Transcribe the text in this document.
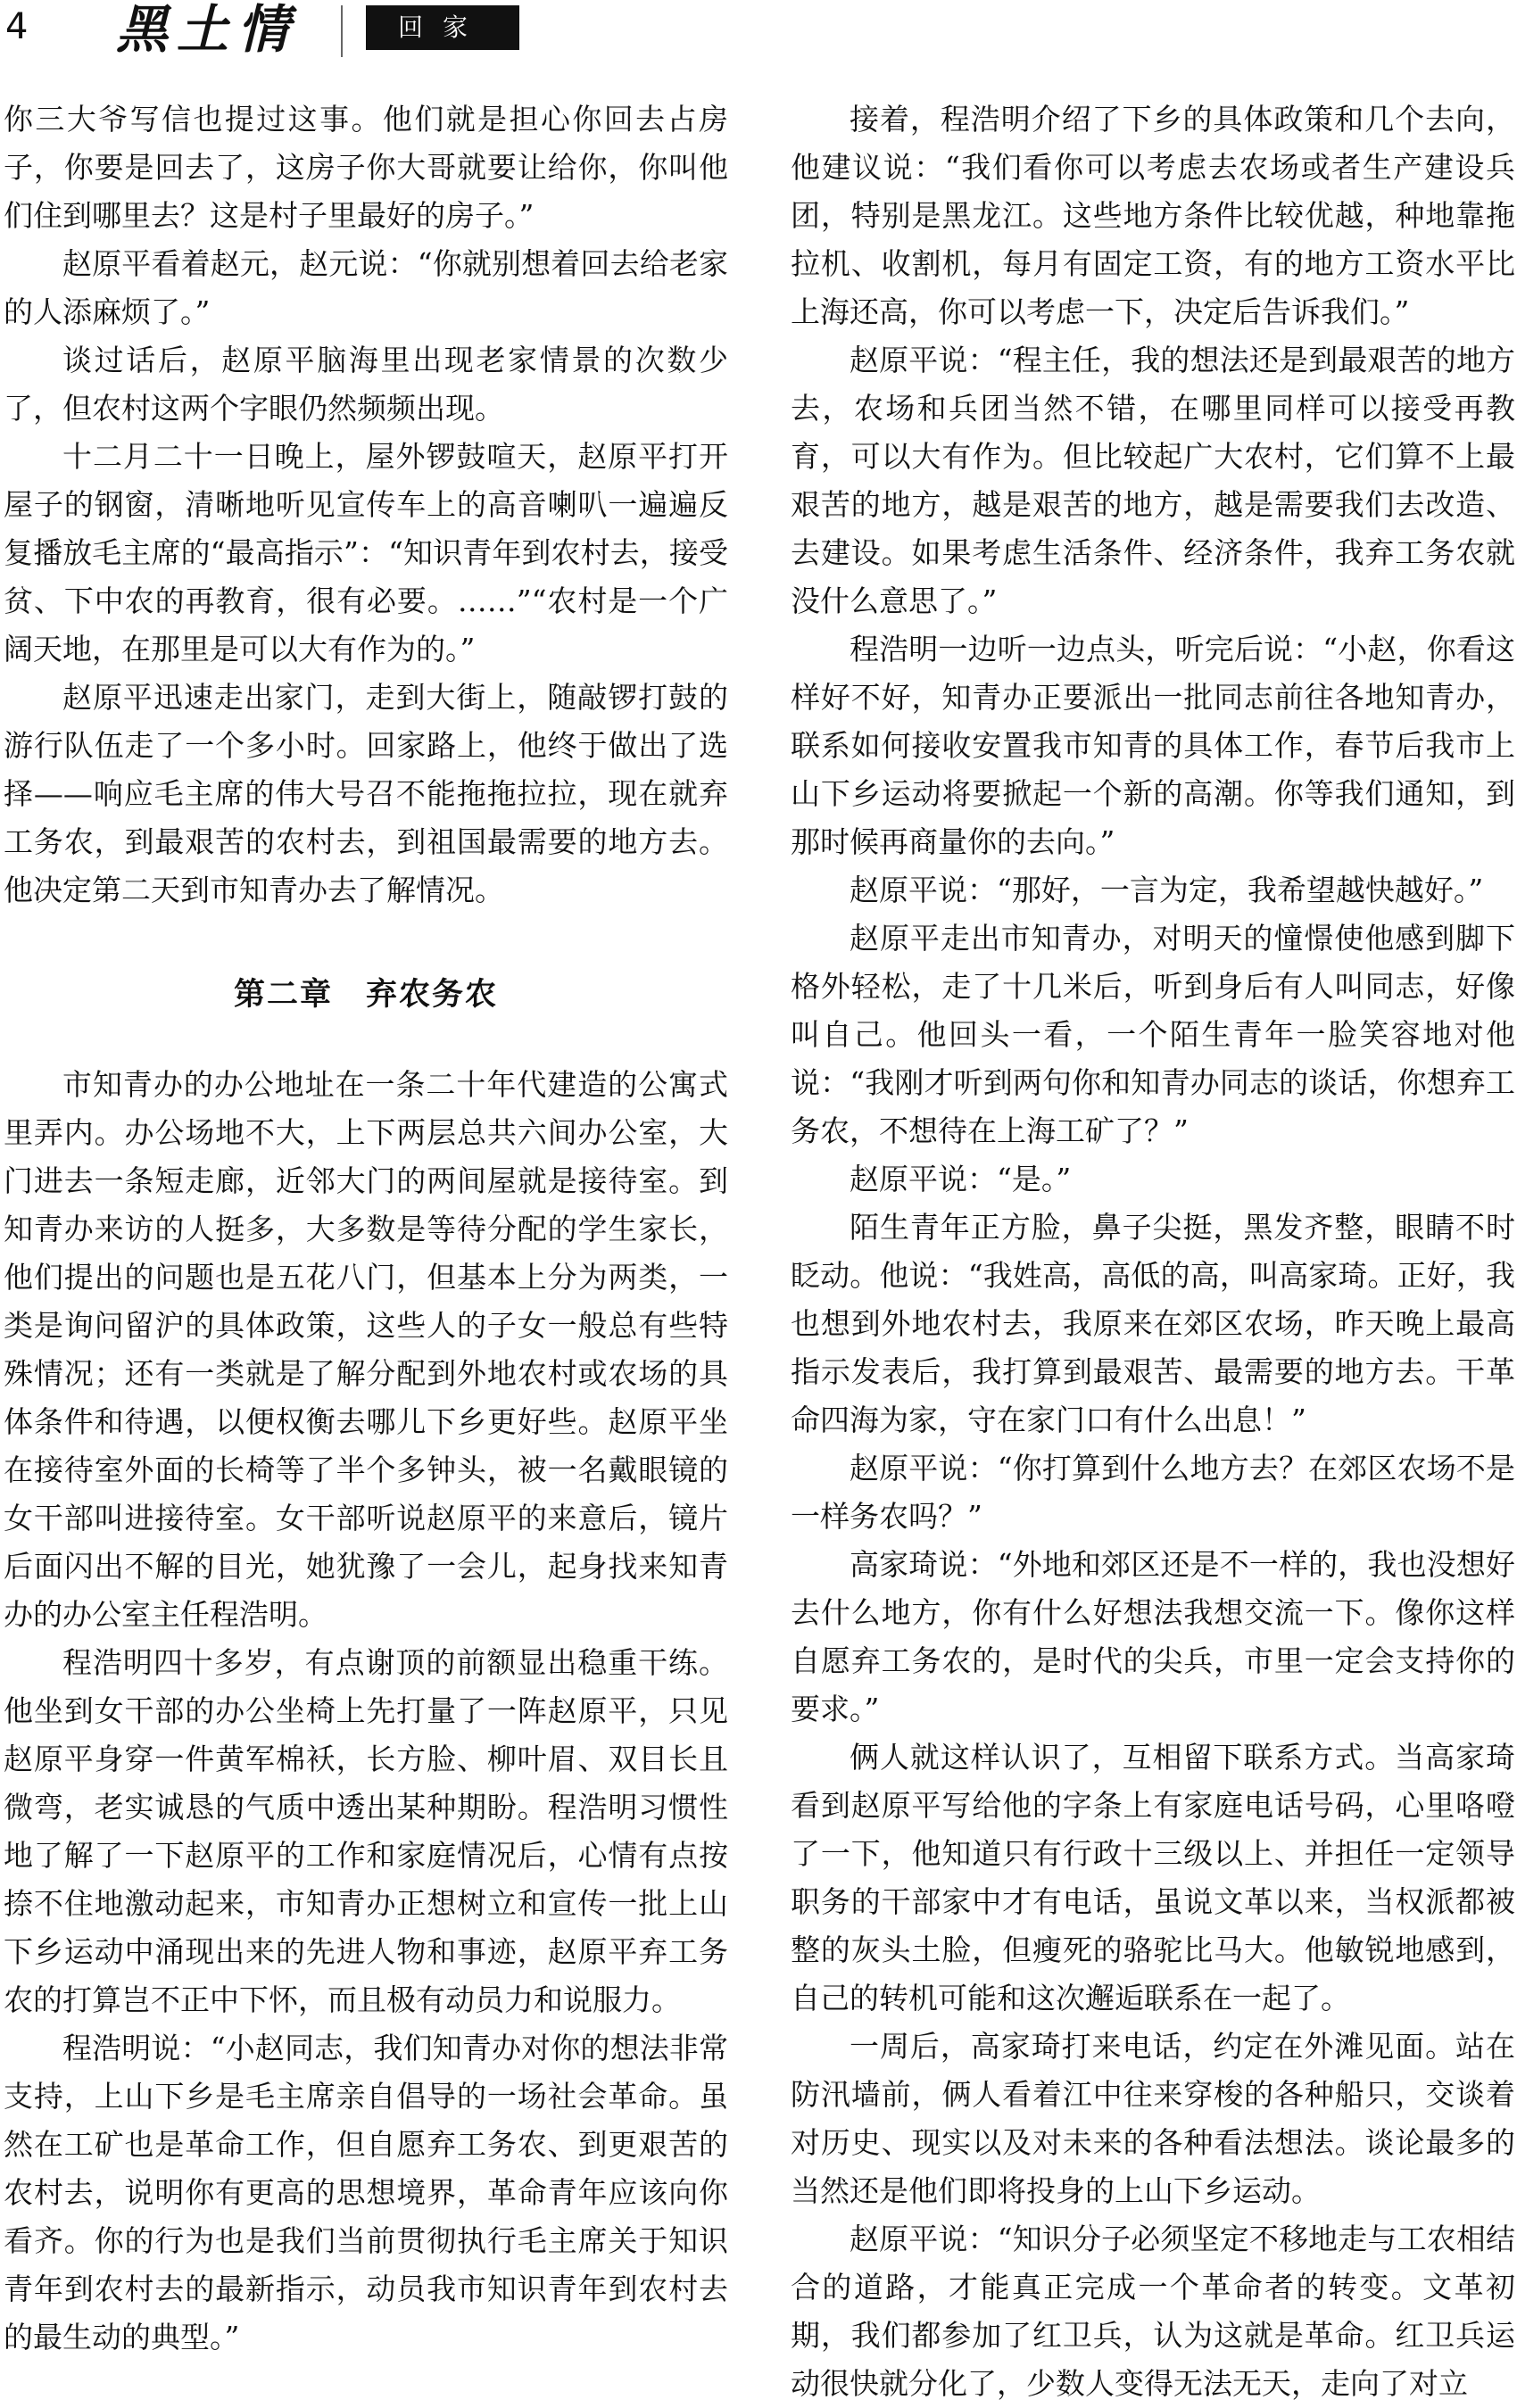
4 黑土情	回家

你三大爷写信也提过这事。他们就是担心你回去占房子，你要是回去了，这房子你大哥就要让给你，你叫他们住到哪里去？这是村子里最好的房子。”

赵原平看着赵元，赵元说：“你就别想着回去给老家的人添麻烦了。”

谈过话后，赵原平脑海里出现老家情景的次数少了，但农村这两个字眼仍然频频出现。

十二月二十一日晚上，屋外锣鼓喧天，赵原平打开屋子的钢窗，清晰地听见宣传车上的高音喇叭一遍遍反复播放毛主席的“最高指示”：“知识青年到农村去，接受贫、下中农的再教育，很有必要。……”“农村是一个广阔天地，在那里是可以大有作为的。”

赵原平迅速走出家门，走到大街上，随敲锣打鼓的游行队伍走了一个多小时。回家路上，他终于做出了选择——响应毛主席的伟大号召不能拖拖拉拉，现在就弃工务农，到最艰苦的农村去，到祖国最需要的地方去。他决定第二天到市知青办去了解情况。

第二章　弃农务农

市知青办的办公地址在一条二十年代建造的公寓式里弄内。办公场地不大，上下两层总共六间办公室，大门进去一条短走廊，近邻大门的两间屋就是接待室。到知青办来访的人挺多，大多数是等待分配的学生家长，他们提出的问题也是五花八门，但基本上分为两类，一类是询问留沪的具体政策，这些人的子女一般总有些特殊情况；还有一类就是了解分配到外地农村或农场的具体条件和待遇，以便权衡去哪儿下乡更好些。赵原平坐在接待室外面的长椅等了半个多钟头，被一名戴眼镜的女干部叫进接待室。女干部听说赵原平的来意后，镜片后面闪出不解的目光，她犹豫了一会儿，起身找来知青办的办公室主任程浩明。

程浩明四十多岁，有点谢顶的前额显出稳重干练。他坐到女干部的办公坐椅上先打量了一阵赵原平，只见赵原平身穿一件黄军棉袄，长方脸、柳叶眉、双目长且微弯，老实诚恳的气质中透出某种期盼。程浩明习惯性地了解了一下赵原平的工作和家庭情况后，心情有点按捺不住地激动起来，市知青办正想树立和宣传一批上山下乡运动中涌现出来的先进人物和事迹，赵原平弃工务农的打算岂不正中下怀，而且极有动员力和说服力。

程浩明说：“小赵同志，我们知青办对你的想法非常支持，上山下乡是毛主席亲自倡导的一场社会革命。虽然在工矿也是革命工作，但自愿弃工务农、到更艰苦的农村去，说明你有更高的思想境界，革命青年应该向你看齐。你的行为也是我们当前贯彻执行毛主席关于知识青年到农村去的最新指示，动员我市知识青年到农村去的最生动的典型。”

接着，程浩明介绍了下乡的具体政策和几个去向，他建议说：“我们看你可以考虑去农场或者生产建设兵团，特别是黑龙江。这些地方条件比较优越，种地靠拖拉机、收割机，每月有固定工资，有的地方工资水平比上海还高，你可以考虑一下，决定后告诉我们。”

赵原平说：“程主任，我的想法还是到最艰苦的地方去，农场和兵团当然不错，在哪里同样可以接受再教育，可以大有作为。但比较起广大农村，它们算不上最艰苦的地方，越是艰苦的地方，越是需要我们去改造、去建设。如果考虑生活条件、经济条件，我弃工务农就没什么意思了。”

程浩明一边听一边点头，听完后说：“小赵，你看这样好不好，知青办正要派出一批同志前往各地知青办，联系如何接收安置我市知青的具体工作，春节后我市上山下乡运动将要掀起一个新的高潮。你等我们通知，到那时候再商量你的去向。”

赵原平说：“那好，一言为定，我希望越快越好。”

赵原平走出市知青办，对明天的憧憬使他感到脚下格外轻松，走了十几米后，听到身后有人叫同志，好像叫自己。他回头一看，一个陌生青年一脸笑容地对他说：“我刚才听到两句你和知青办同志的谈话，你想弃工务农，不想待在上海工矿了？”

赵原平说：“是。”

陌生青年正方脸，鼻子尖挺，黑发齐整，眼睛不时眨动。他说：“我姓高，高低的高，叫高家琦。正好，我也想到外地农村去，我原来在郊区农场，昨天晚上最高指示发表后，我打算到最艰苦、最需要的地方去。干革命四海为家，守在家门口有什么出息！”

赵原平说：“你打算到什么地方去？在郊区农场不是一样务农吗？”

高家琦说：“外地和郊区还是不一样的，我也没想好去什么地方，你有什么好想法我想交流一下。像你这样自愿弃工务农的，是时代的尖兵，市里一定会支持你的要求。”

俩人就这样认识了，互相留下联系方式。当高家琦看到赵原平写给他的字条上有家庭电话号码，心里咯噔了一下，他知道只有行政十三级以上、并担任一定领导职务的干部家中才有电话，虽说文革以来，当权派都被整的灰头土脸，但瘦死的骆驼比马大。他敏锐地感到，自己的转机可能和这次邂逅联系在一起了。

一周后，高家琦打来电话，约定在外滩见面。站在防汛墙前，俩人看着江中往来穿梭的各种船只，交谈着对历史、现实以及对未来的各种看法想法。谈论最多的当然还是他们即将投身的上山下乡运动。

赵原平说：“知识分子必须坚定不移地走与工农相结合的道路，才能真正完成一个革命者的转变。文革初期，我们都参加了红卫兵，认为这就是革命。红卫兵运动很快就分化了，少数人变得无法无天，走向了对立
